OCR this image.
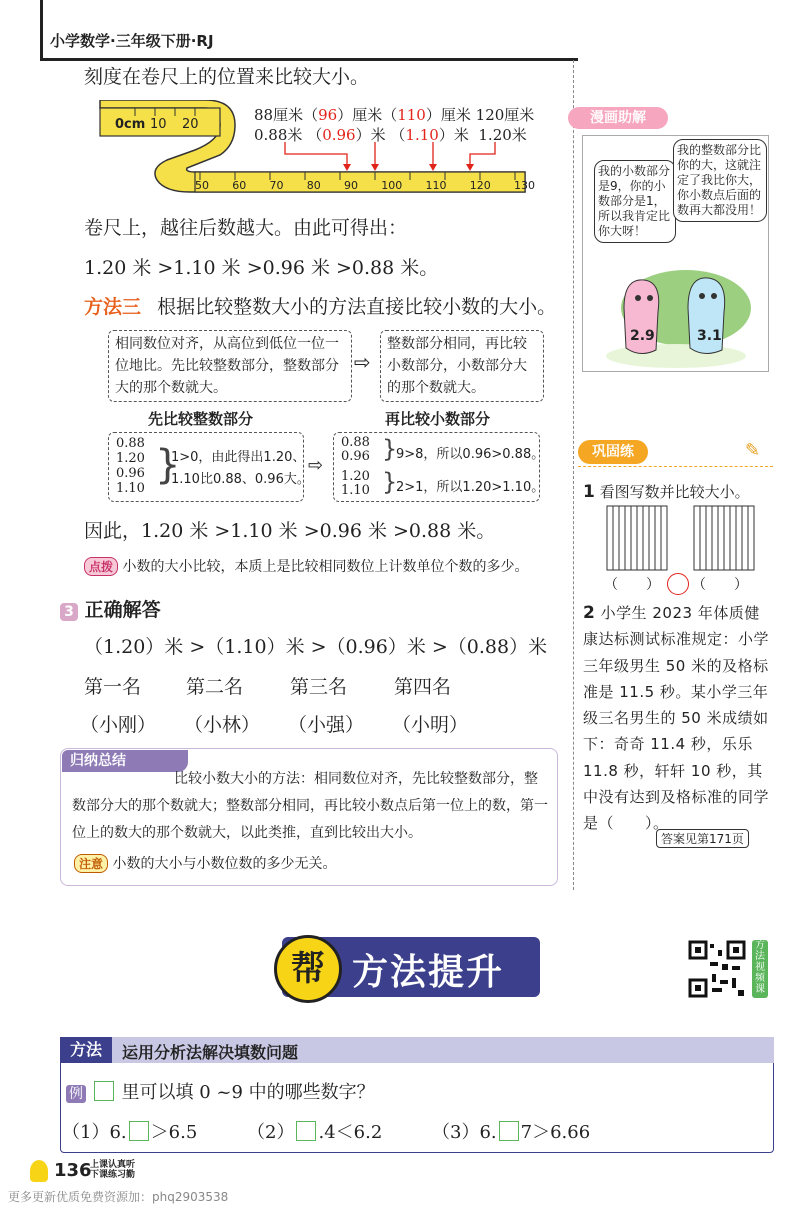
小学数学·三年级下册·RJ
刻度在卷尺上的位置来比较大小。
0cm 10 20
50 60 70 80 90 100 110 120 130
88厘米（96）厘米（110）厘米 120厘米
0.88米 （0.96）米 （1.10）米 1.20米
卷尺上，越往后数越大。由此可得出：
1.20 米 >1.10 米 >0.96 米 >0.88 米。
方法三 根据比较整数大小的方法直接比较小数的大小。
相同数位对齐，从高位到低位一位一位地比。先比较整数部分，整数部分大的那个数就大。
⇨
整数部分相同，再比较小数部分，小数部分大的那个数就大。
先比较整数部分	再比较小数部分
0.88
1.20
0.96
1.10
}
1>0，由此得出1.20、
1.10比0.88、0.96大。
⇨
0.88
0.96 }
9>8，所以0.96>0.88。
1.20
1.10 }
2>1，所以1.20>1.10。
因此，1.20 米 >1.10 米 >0.96 米 >0.88 米。
点拨 小数的大小比较，本质上是比较相同数位上计数单位个数的多少。
3 正确解答
（1.20）米 >（1.10）米 >（0.96）米 >（0.88）米
第一名 第二名 第三名 第四名
（小刚） （小林） （小强） （小明）
归纳总结
比较小数大小的方法：相同数位对齐，先比较整数部分，整数部分大的那个数就大；整数部分相同，再比较小数点后第一位上的数，第一位上的数大的那个数就大，以此类推，直到比较出大小。
注意 小数的大小与小数位数的多少无关。
漫画助解
我的小数部分是9，你的小数部分是1，所以我肯定比你大呀！
我的整数部分比你的大，这就注定了我比你大，你小数点后面的数再大都没用！
2.9	3.1
巩固练	✎
1 看图写数并比较大小。
（　　） （　　）
2 小学生 2023 年体质健康达标测试标准规定：小学三年级男生 50 米的及格标准是 11.5 秒。某小学三年级三名男生的 50 米成绩如下：奇奇 11.4 秒，乐乐 11.8 秒，轩轩 10 秒，其中没有达到及格标准的同学是（　　）。
答案见第171页
帮 方法提升
方法视频课
方法	运用分析法解决填数问题
例 里可以填 0 ~9 中的哪些数字？
（1）6. ＞6.5	（2） .4＜6.2	（3）6. 7＞6.66
136
上课认真听
下课练习勤
更多更新优质免费资源加：phq2903538
